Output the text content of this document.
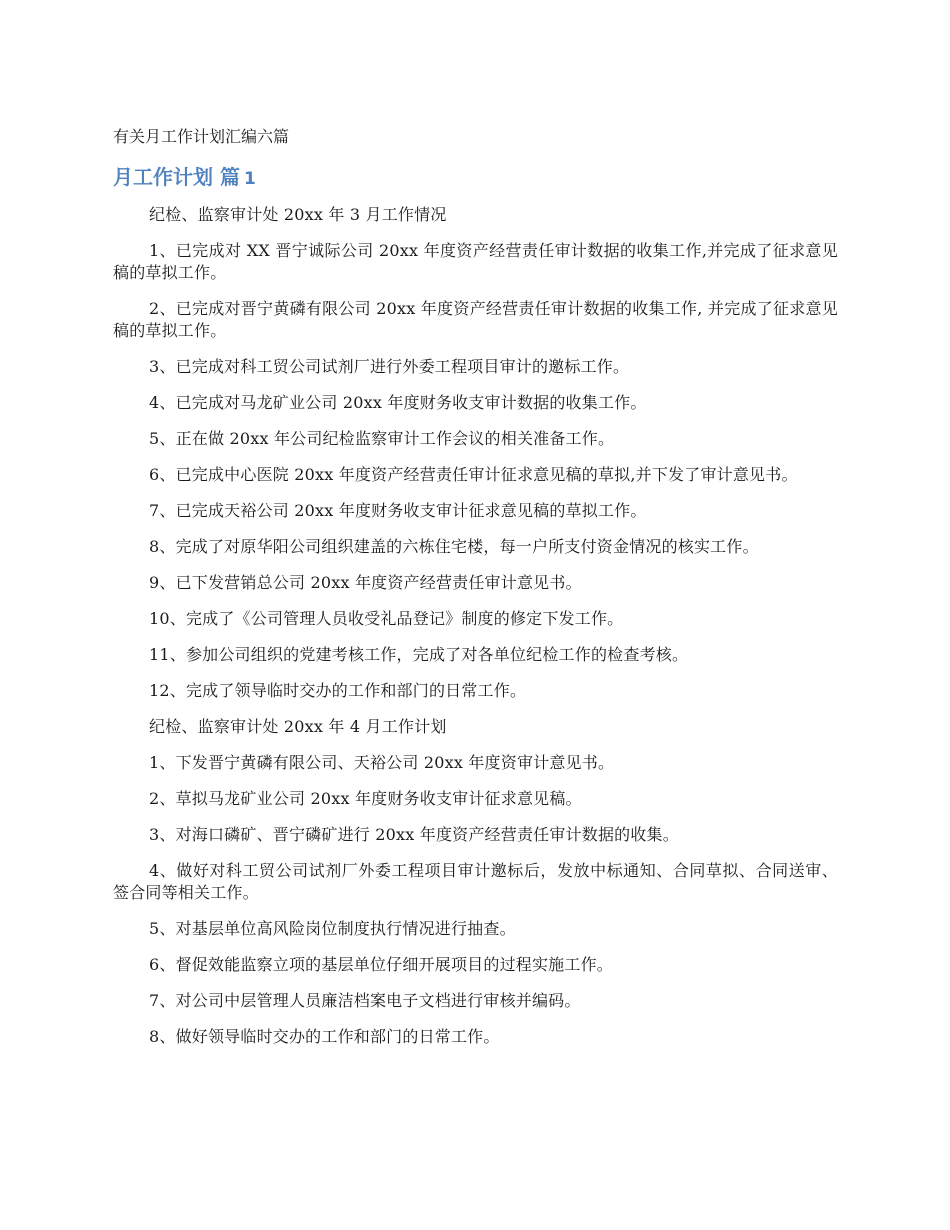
有关月工作计划汇编六篇
月工作计划 篇 1

纪检、监察审计处 20xx 年 3 月工作情况

1、已完成对 XX 晋宁诚际公司 20xx 年度资产经营责任审计数据的收集工作,并完成了征求意见稿的草拟工作。

2、已完成对晋宁黄磷有限公司 20xx 年度资产经营责任审计数据的收集工作, 并完成了征求意见稿的草拟工作。

3、已完成对科工贸公司试剂厂进行外委工程项目审计的邀标工作。

4、已完成对马龙矿业公司 20xx 年度财务收支审计数据的收集工作。

5、正在做 20xx 年公司纪检监察审计工作会议的相关准备工作。

6、已完成中心医院 20xx 年度资产经营责任审计征求意见稿的草拟,并下发了审计意见书。

7、已完成天裕公司 20xx 年度财务收支审计征求意见稿的草拟工作。

8、完成了对原华阳公司组织建盖的六栋住宅楼，每一户所支付资金情况的核实工作。

9、已下发营销总公司 20xx 年度资产经营责任审计意见书。

10、完成了《公司管理人员收受礼品登记》制度的修定下发工作。

11、参加公司组织的党建考核工作，完成了对各单位纪检工作的检查考核。

12、完成了领导临时交办的工作和部门的日常工作。

纪检、监察审计处 20xx 年 4 月工作计划

1、下发晋宁黄磷有限公司、天裕公司 20xx 年度资审计意见书。

2、草拟马龙矿业公司 20xx 年度财务收支审计征求意见稿。

3、对海口磷矿、晋宁磷矿进行 20xx 年度资产经营责任审计数据的收集。

4、做好对科工贸公司试剂厂外委工程项目审计邀标后，发放中标通知、合同草拟、合同送审、签合同等相关工作。

5、对基层单位高风险岗位制度执行情况进行抽查。

6、督促效能监察立项的基层单位仔细开展项目的过程实施工作。

7、对公司中层管理人员廉洁档案电子文档进行审核并编码。

8、做好领导临时交办的工作和部门的日常工作。
